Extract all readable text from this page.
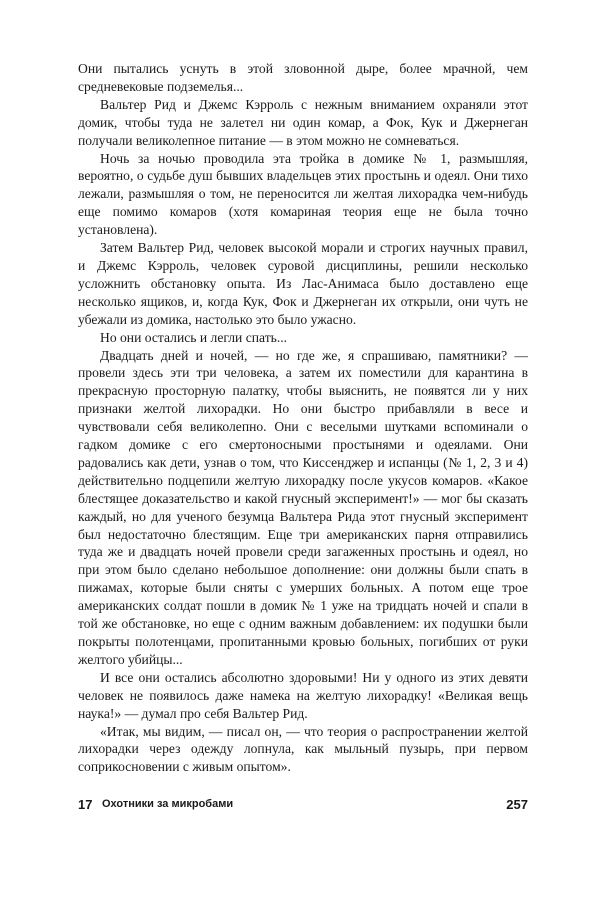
Они пытались уснуть в этой зловонной дыре, более мрачной, чем средневековые подземелья...

Вальтер Рид и Джемс Кэрроль с нежным вниманием охраняли этот домик, чтобы туда не залетел ни один комар, а Фок, Кук и Джернеган получали великолепное питание — в этом можно не сомневаться.

Ночь за ночью проводила эта тройка в домике № 1, размышляя, вероятно, о судьбе душ бывших владельцев этих простынь и одеял. Они тихо лежали, размышляя о том, не переносится ли желтая лихорадка чем-нибудь еще помимо комаров (хотя комариная теория еще не была точно установлена).

Затем Вальтер Рид, человек высокой морали и строгих научных правил, и Джемс Кэрроль, человек суровой дисциплины, решили несколько усложнить обстановку опыта. Из Лас-Анимаса было доставлено еще несколько ящиков, и, когда Кук, Фок и Джернеган их открыли, они чуть не убежали из домика, настолько это было ужасно.

Но они остались и легли спать...

Двадцать дней и ночей, — но где же, я спрашиваю, памятники? — провели здесь эти три человека, а затем их поместили для карантина в прекрасную просторную палатку, чтобы выяснить, не появятся ли у них признаки желтой лихорадки. Но они быстро прибавляли в весе и чувствовали себя великолепно. Они с веселыми шутками вспоминали о гадком домике с его смертоносными простынями и одеялами. Они радовались как дети, узнав о том, что Киссенджер и испанцы (№ 1, 2, 3 и 4) действительно подцепили желтую лихорадку после укусов комаров. «Какое блестящее доказательство и какой гнусный эксперимент!» — мог бы сказать каждый, но для ученого безумца Вальтера Рида этот гнусный эксперимент был недостаточно блестящим. Еще три американских парня отправились туда же и двадцать ночей провели среди загаженных простынь и одеял, но при этом было сделано небольшое дополнение: они должны были спать в пижамах, которые были сняты с умерших больных. А потом еще трое американских солдат пошли в домик № 1 уже на тридцать ночей и спали в той же обстановке, но еще с одним важным добавлением: их подушки были покрыты полотенцами, пропитанными кровью больных, погибших от руки желтого убийцы...

И все они остались абсолютно здоровыми! Ни у одного из этих девяти человек не появилось даже намека на желтую лихорадку! «Великая вещь наука!» — думал про себя Вальтер Рид.

«Итак, мы видим, — писал он, — что теория о распространении желтой лихорадки через одежду лопнула, как мыльный пузырь, при первом соприкосновении с живым опытом».

17 Охотники за микробами	257
